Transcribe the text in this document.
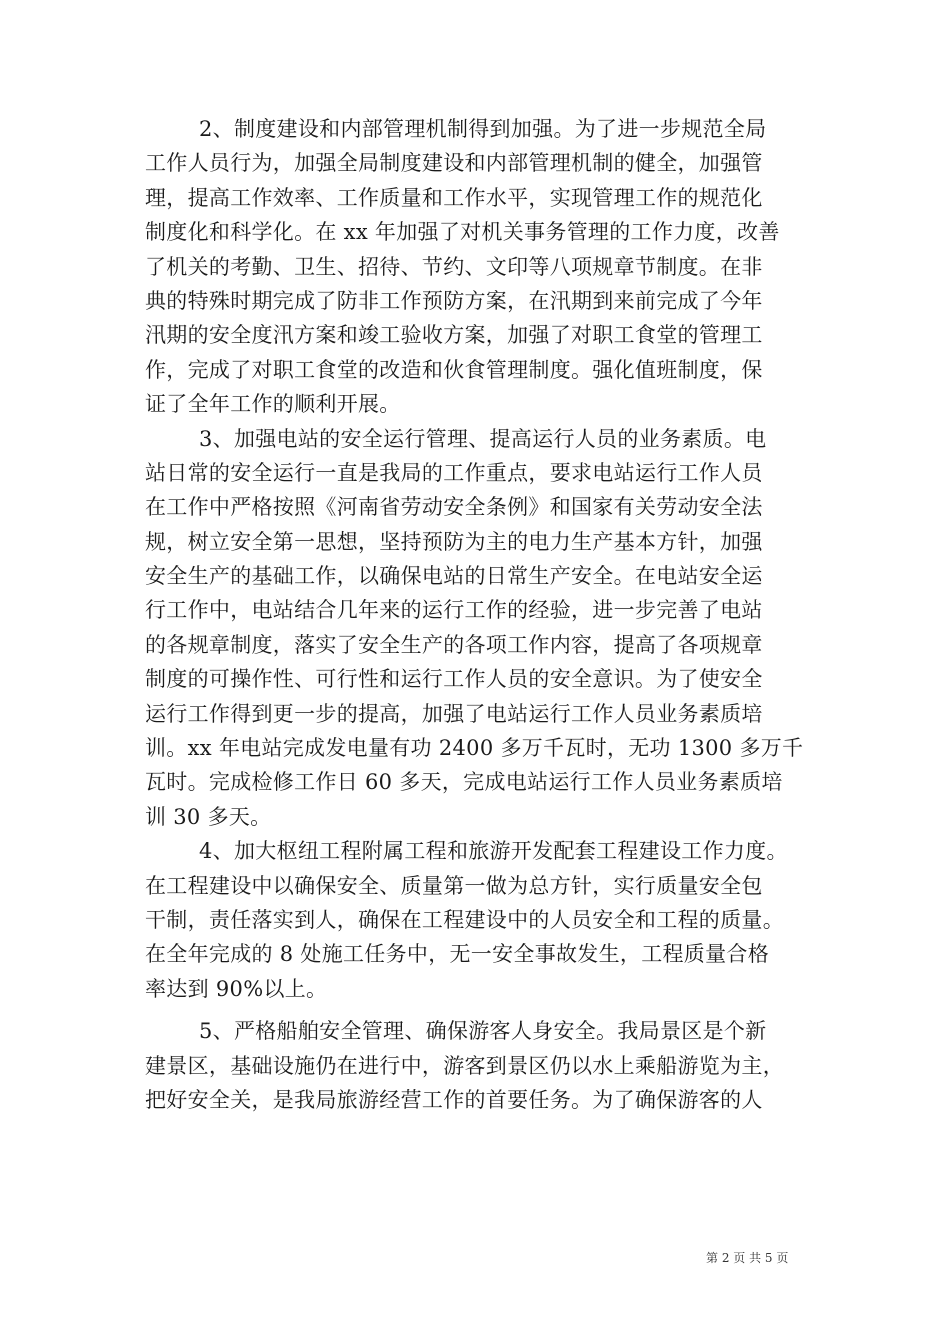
2、制度建设和内部管理机制得到加强。为了进一步规范全局
工作人员行为，加强全局制度建设和内部管理机制的健全，加强管
理，提高工作效率、工作质量和工作水平，实现管理工作的规范化
制度化和科学化。在 xx 年加强了对机关事务管理的工作力度，改善
了机关的考勤、卫生、招待、节约、文印等八项规章节制度。在非
典的特殊时期完成了防非工作预防方案，在汛期到来前完成了今年
汛期的安全度汛方案和竣工验收方案，加强了对职工食堂的管理工
作，完成了对职工食堂的改造和伙食管理制度。强化值班制度，保
证了全年工作的顺利开展。
3、加强电站的安全运行管理、提高运行人员的业务素质。电
站日常的安全运行一直是我局的工作重点，要求电站运行工作人员
在工作中严格按照《河南省劳动安全条例》和国家有关劳动安全法
规，树立安全第一思想，坚持预防为主的电力生产基本方针，加强
安全生产的基础工作，以确保电站的日常生产安全。在电站安全运
行工作中，电站结合几年来的运行工作的经验，进一步完善了电站
的各规章制度，落实了安全生产的各项工作内容，提高了各项规章
制度的可操作性、可行性和运行工作人员的安全意识。为了使安全
运行工作得到更一步的提高，加强了电站运行工作人员业务素质培
训。xx 年电站完成发电量有功 2400 多万千瓦时，无功 1300 多万千
瓦时。完成检修工作日 60 多天，完成电站运行工作人员业务素质培
训 30 多天。
4、加大枢纽工程附属工程和旅游开发配套工程建设工作力度。
在工程建设中以确保安全、质量第一做为总方针，实行质量安全包
干制，责任落实到人，确保在工程建设中的人员安全和工程的质量。
在全年完成的 8 处施工任务中，无一安全事故发生，工程质量合格
率达到 90%以上。
5、严格船舶安全管理、确保游客人身安全。我局景区是个新
建景区，基础设施仍在进行中，游客到景区仍以水上乘船游览为主，
把好安全关，是我局旅游经营工作的首要任务。为了确保游客的人
第 2 页 共 5 页
